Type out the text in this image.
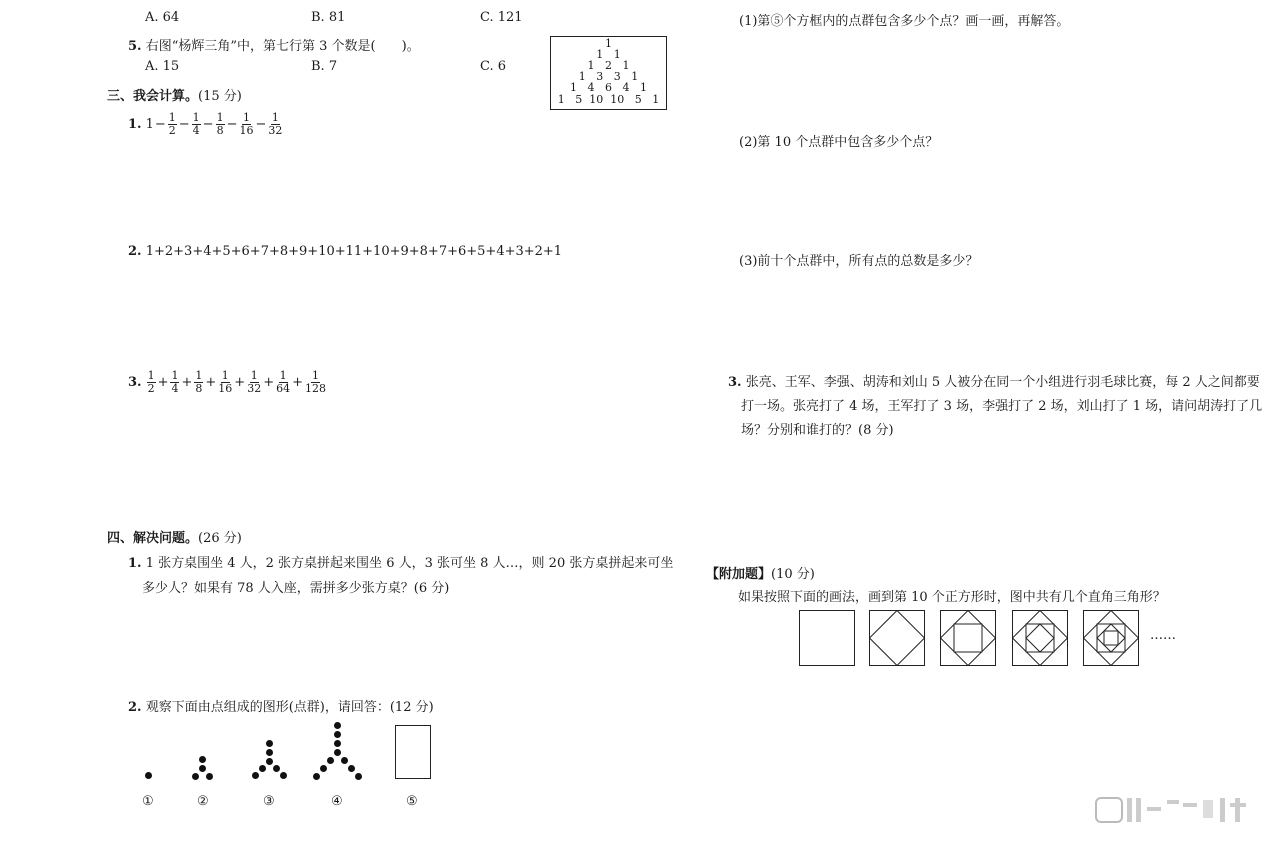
A. 64	B. 81	C. 121
5. 右图“杨辉三角”中，第七行第 3 个数是(　　)。
A. 15	B. 7	C. 6
1
1   1
1   2   1
1   3   3   1
1   4   6   4   1
1   5  10  10   5   1
三、我会计算。(15 分)
1. $1 - \frac{1}{2} - \frac{1}{4} - \frac{1}{8} - \frac{1}{16} - \frac{1}{32}$
2. 1+2+3+4+5+6+7+8+9+10+11+10+9+8+7+6+5+4+3+2+1
3. $\frac{1}{2} + \frac{1}{4} + \frac{1}{8} + \frac{1}{16} + \frac{1}{32} + \frac{1}{64} + \frac{1}{128}$
四、解决问题。(26 分)
1. 1 张方桌围坐 4 人，2 张方桌拼起来围坐 6 人，3 张可坐 8 人…，则 20 张方桌拼起来可坐
多少人？如果有 78 人入座，需拼多少张方桌？(6 分)
2. 观察下面由点组成的图形(点群)，请回答：(12 分)
①	②	③	④	⑤
(1)第⑤个方框内的点群包含多少个点？画一画，再解答。
(2)第 10 个点群中包含多少个点？
(3)前十个点群中，所有点的总数是多少？
3. 张亮、王军、李强、胡涛和刘山 5 人被分在同一个小组进行羽毛球比赛，每 2 人之间都要
打一场。张亮打了 4 场，王军打了 3 场，李强打了 2 场，刘山打了 1 场，请问胡涛打了几
场？分别和谁打的？(8 分)
【附加题】(10 分)
如果按照下面的画法，画到第 10 个正方形时，图中共有几个直角三角形？
……
